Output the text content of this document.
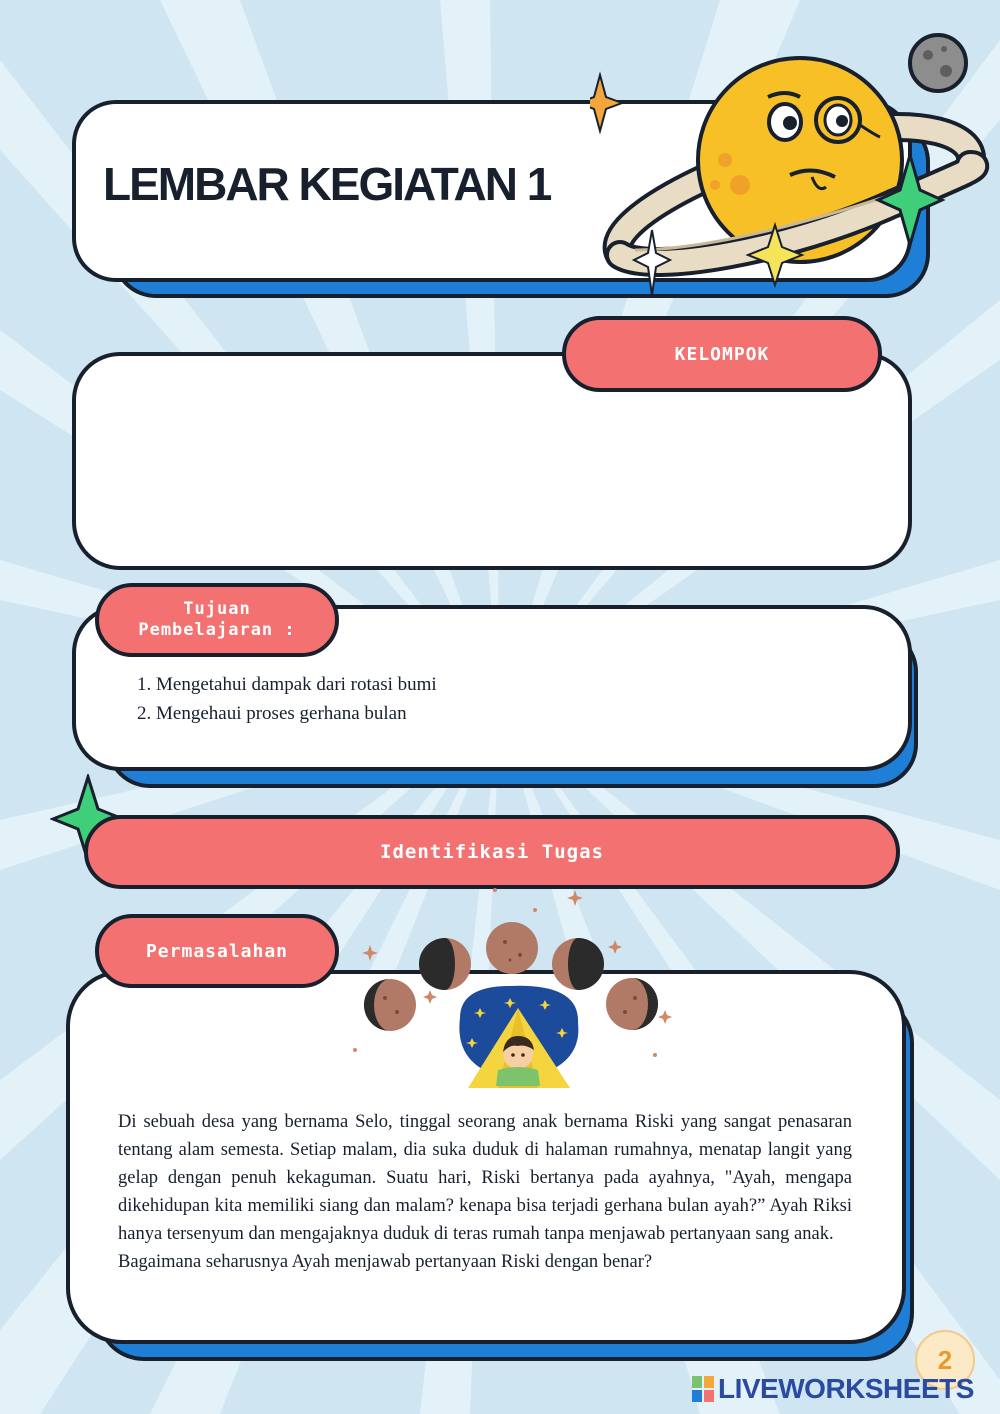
LEMBAR KEGIATAN 1
KELOMPOK
Tujuan Pembelajaran :
1. Mengetahui dampak dari rotasi bumi
2. Mengehaui proses gerhana bulan
Identifikasi Tugas
Permasalahan

Di sebuah desa yang bernama Selo, tinggal seorang anak bernama Riski yang sangat penasaran tentang alam semesta. Setiap malam, dia suka duduk di halaman rumahnya, menatap langit yang gelap dengan penuh kekaguman. Suatu hari, Riski bertanya pada ayahnya, "Ayah, mengapa dikehidupan kita memiliki siang dan malam? kenapa bisa terjadi gerhana bulan ayah?” Ayah Riksi hanya tersenyum dan mengajaknya duduk di teras rumah tanpa menjawab pertanyaan sang anak.

Bagaimana seharusnya Ayah menjawab pertanyaan Riski dengan benar?

2
LIVEWORKSHEETS
